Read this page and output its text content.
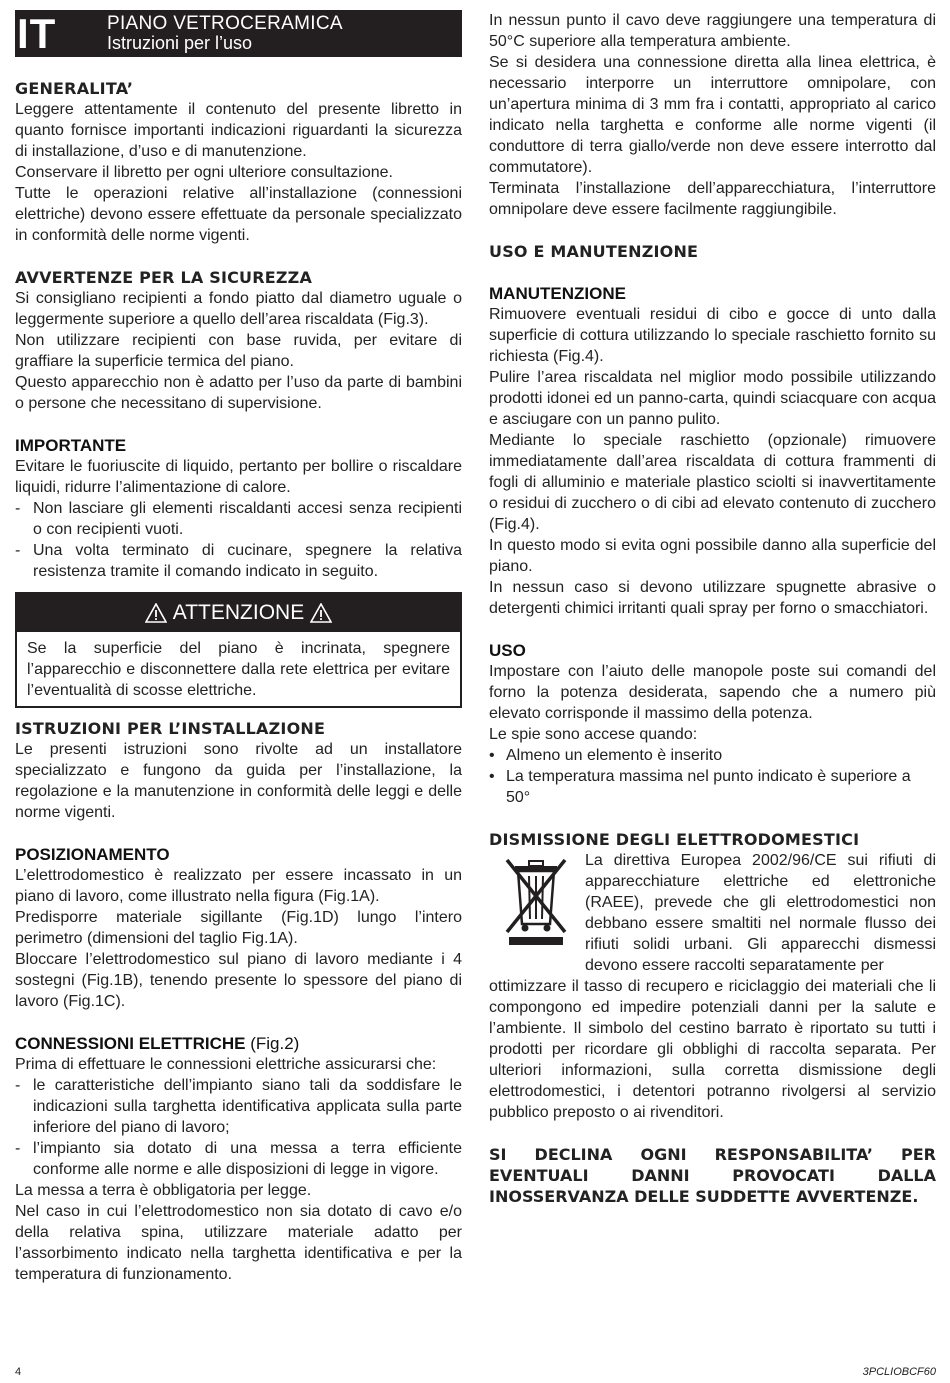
IT	PIANO VETROCERAMICA
Istruzioni per l’uso
GENERALITA’

Leggere attentamente il contenuto del presente libretto in quanto fornisce importanti indicazioni riguardanti la sicurezza di installazione, d’uso e di manutenzione.

Conservare il libretto per ogni ulteriore consultazione.

Tutte le operazioni relative all’installazione (connessioni elettriche) devono essere effettuate da personale specializzato in conformità delle norme vigenti.

AVVERTENZE PER LA SICUREZZA

Si consigliano recipienti a fondo piatto dal diametro uguale o leggermente superiore a quello dell’area riscaldata (Fig.3).

Non utilizzare recipienti con base ruvida, per evitare di graffiare la superficie termica del piano.

Questo apparecchio non è adatto per l’uso da parte di bambini o persone che necessitano di supervisione.

IMPORTANTE

Evitare le fuoriuscite di liquido, pertanto per bollire o riscaldare liquidi, ridurre l’alimentazione di calore.

- Non lasciare gli elementi riscaldanti accesi senza recipienti o con recipienti vuoti.
- Una volta terminato di cucinare, spegnere la relativa resistenza tramite il comando indicato in seguito.
ATTENZIONE

Se la superficie del piano è incrinata, spegnere l’apparecchio e disconnettere dalla rete elettrica per evitare l’eventualità di scosse elettriche.

ISTRUZIONI PER L’INSTALLAZIONE

Le presenti istruzioni sono rivolte ad un installatore specializzato e fungono da guida per l’installazione, la regolazione e la manutenzione in conformità delle leggi e delle norme vigenti.

POSIZIONAMENTO

L’elettrodomestico è realizzato per essere incassato in un piano di lavoro, come illustrato nella figura (Fig.1A).

Predisporre materiale sigillante (Fig.1D) lungo l’intero perimetro (dimensioni del taglio Fig.1A).

Bloccare l’elettrodomestico sul piano di lavoro mediante i 4 sostegni (Fig.1B), tenendo presente lo spessore del piano di lavoro (Fig.1C).

CONNESSIONI ELETTRICHE (Fig.2)

Prima di effettuare le connessioni elettriche assicurarsi che:

- le caratteristiche dell’impianto siano tali da soddisfare le indicazioni sulla targhetta identificativa applicata sulla parte inferiore del piano di lavoro;
- l’impianto sia dotato di una messa a terra efficiente conforme alle norme e alle disposizioni di legge in vigore.

La messa a terra è obbligatoria per legge.

Nel caso in cui l’elettrodomestico non sia dotato di cavo e/o della relativa spina, utilizzare materiale adatto per l’assorbimento indicato nella targhetta identificativa e per la temperatura di funzionamento.

In nessun punto il cavo deve raggiungere una temperatura di 50°C superiore alla temperatura ambiente.

Se si desidera una connessione diretta alla linea elettrica, è necessario interporre un interruttore omnipolare, con un’apertura minima di 3 mm fra i contatti, appropriato al carico indicato nella targhetta e conforme alle norme vigenti (il conduttore di terra giallo/verde non deve essere interrotto dal commutatore).

Terminata l’installazione dell’apparecchiatura, l’interruttore omnipolare deve essere facilmente raggiungibile.

USO E MANUTENZIONE
MANUTENZIONE

Rimuovere eventuali residui di cibo e gocce di unto dalla superficie di cottura utilizzando lo speciale raschietto fornito su richiesta (Fig.4).

Pulire l’area riscaldata nel miglior modo possibile utilizzando prodotti idonei ed un panno-carta, quindi sciacquare con acqua e asciugare con un panno pulito.

Mediante lo speciale raschietto (opzionale) rimuovere immediatamente dall’area riscaldata di cottura frammenti di fogli di alluminio e materiale plastico sciolti si inavvertitamente o residui di zucchero o di cibi ad elevato contenuto di zucchero (Fig.4).

In questo modo si evita ogni possibile danno alla superficie del piano.

In nessun caso si devono utilizzare spugnette abrasive o detergenti chimici irritanti quali spray per forno o smacchiatori.

USO

Impostare con l’aiuto delle manopole poste sui comandi del forno la potenza desiderata, sapendo che a numero più elevato corrisponde il massimo della potenza.

Le spie sono accese quando:

• Almeno un elemento è inserito
• La temperatura massima nel punto indicato è superiore a 50°
DISMISSIONE DEGLI ELETTRODOMESTICI

La direttiva Europea 2002/96/CE sui rifiuti di apparecchiature elettriche ed elettroniche (RAEE), prevede che gli elettrodomestici non debbano essere smaltiti nel normale flusso dei rifiuti solidi urbani. Gli apparecchi dismessi devono essere raccolti separatamente per

ottimizzare il tasso di recupero e riciclaggio dei materiali che li compongono ed impedire potenziali danni per la salute e l’ambiente. Il simbolo del cestino barrato è riportato su tutti i prodotti per ricordare gli obblighi di raccolta separata. Per ulteriori informazioni, sulla corretta dismissione degli elettrodomestici, i detentori potranno rivolgersi al servizio pubblico preposto o ai rivenditori.

SI DECLINA OGNI RESPONSABILITA’ PER EVENTUALI DANNI PROVOCATI DALLA INOSSERVANZA DELLE SUDDETTE AVVERTENZE.

4	3PCLIOBCF60
